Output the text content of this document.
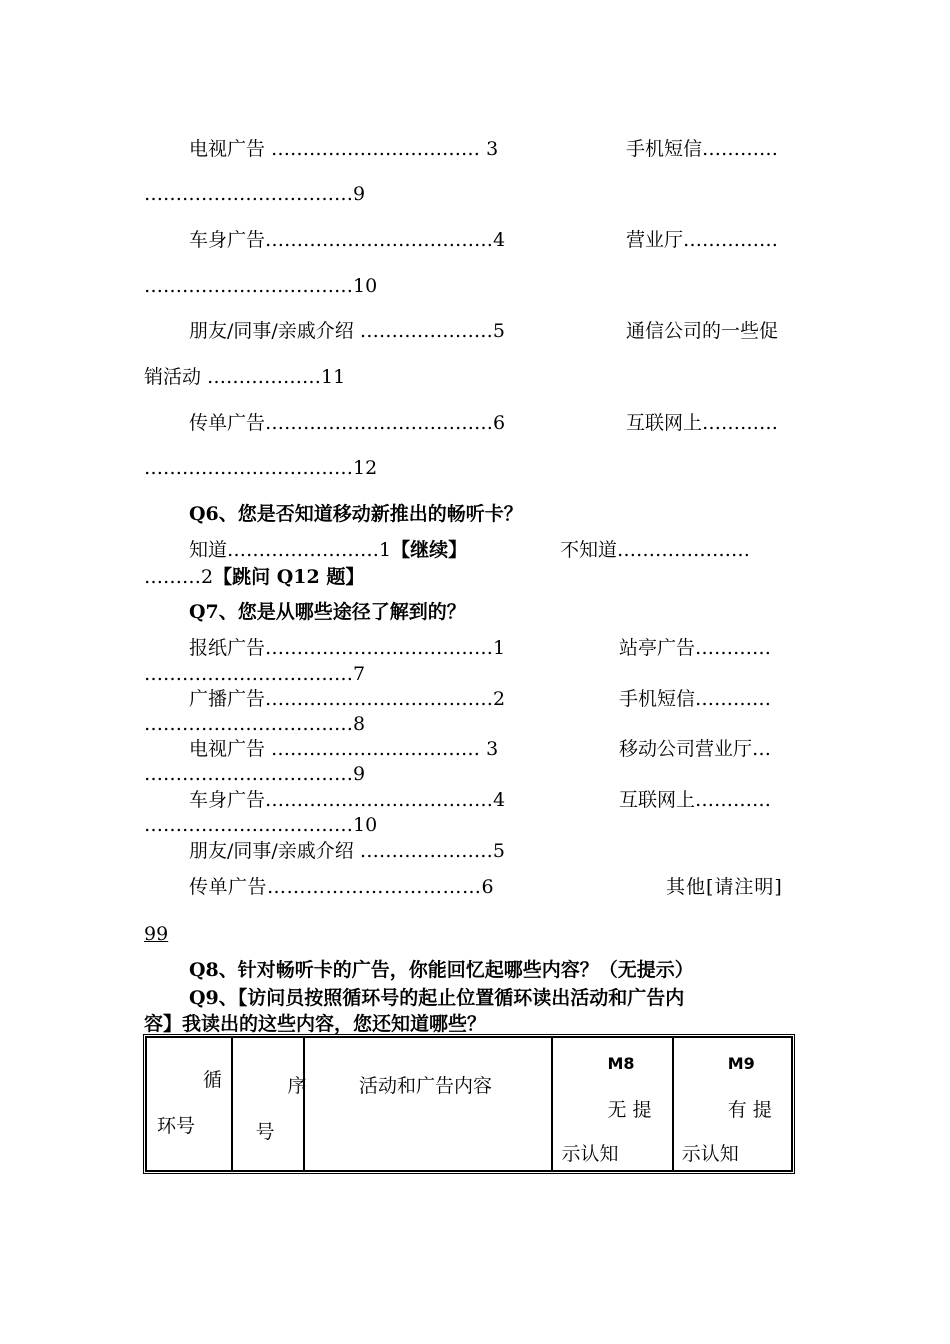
电视广告 …………………………… 3	手机短信…………
……………………………9
车身广告………………………………4	营业厅……………
……………………………10
朋友/同事/亲戚介绍 …………………5	通信公司的一些促
销活动 ………………11
传单广告………………………………6	互联网上…………
……………………………12
Q6、您是否知道移动新推出的畅听卡？
知道……………………1【继续】	不知道…………………
………2【跳问 Q12 题】
Q7、您是从哪些途径了解到的？
报纸广告………………………………1	站亭广告…………
……………………………7
广播广告………………………………2	手机短信…………
……………………………8
电视广告 …………………………… 3	移动公司营业厅…
……………………………9
车身广告………………………………4	互联网上…………
……………………………10
朋友/同事/亲戚介绍 …………………5
传单广告……………………………6	其他[请注明]
99
Q8、针对畅听卡的广告，你能回忆起哪些内容？（无提示）
Q9、【访问员按照循环号的起止位置循环读出活动和广告内
容】我读出的这些内容，您还知道哪些？
循
环号

序
号

活动和广告内容

M8
无 提
示认知

M9
有 提
示认知
